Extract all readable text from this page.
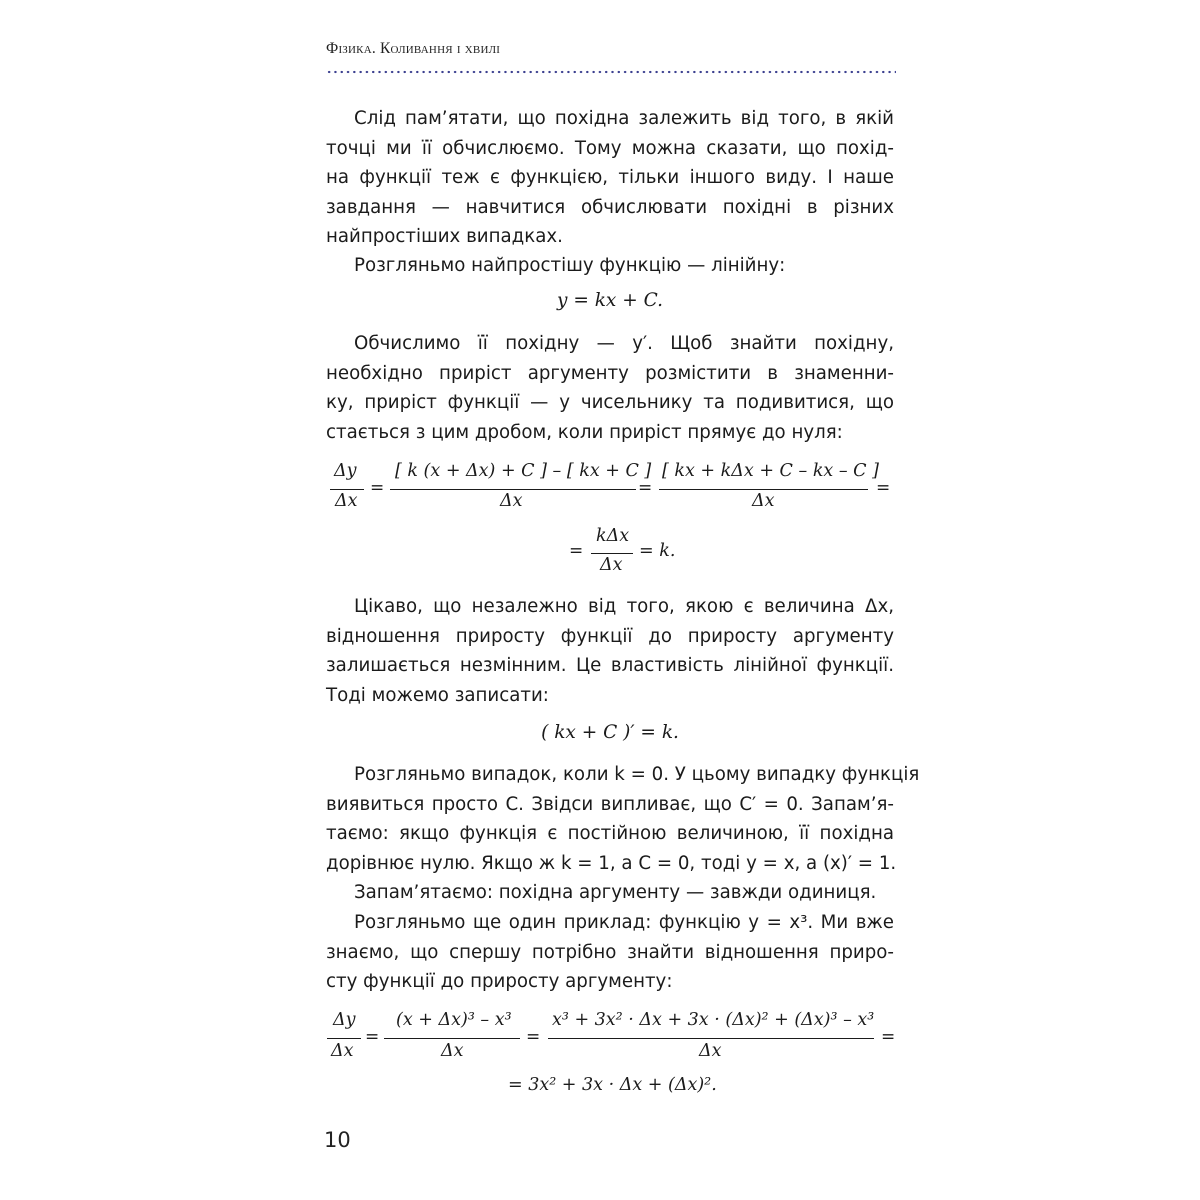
Фізика. Коливання і хвилі
Слід пам’ятати, що похідна залежить від того, в якій
точці ми її обчислюємо. Тому можна сказати, що похід-
на функції теж є функцією, тільки іншого виду. І наше
завдання — навчитися обчислювати похідні в різних
найпростіших випадках.
Розгляньмо найпростішу функцію — лінійну:
y = kx + C.
Обчислимо її похідну — y′. Щоб знайти похідну,
необхідно приріст аргументу розмістити в знаменни-
ку, приріст функції — у чисельнику та подивитися, що
стається з цим дробом, коли приріст прямує до нуля:
Δy
Δx
=
[ k (x + Δx) + C ] – [ kx + C ]
Δx
=
[ kx + kΔx + C – kx – C ]
Δx
=
=
kΔx
Δx
= k.
Цікаво, що незалежно від того, якою є величина Δx,
відношення приросту функції до приросту аргументу
залишається незмінним. Це властивість лінійної функції.
Тоді можемо записати:
( kx + C )′ = k.
Розгляньмо випадок, коли k = 0. У цьому випадку функція
виявиться просто C. Звідси випливає, що C′ = 0. Запам’я-
таємо: якщо функція є постійною величиною, її похідна
дорівнює нулю. Якщо ж k = 1, а C = 0, тоді y = x, а (x)′ = 1.
Запам’ятаємо: похідна аргументу — завжди одиниця.
Розгляньмо ще один приклад: функцію y = x³. Ми вже
знаємо, що спершу потрібно знайти відношення приро-
сту функції до приросту аргументу:
Δy
Δx
=
(x + Δx)³ – x³
Δx
=
x³ + 3x² · Δx + 3x · (Δx)² + (Δx)³ – x³
Δx
=
= 3x² + 3x · Δx + (Δx)².
10
